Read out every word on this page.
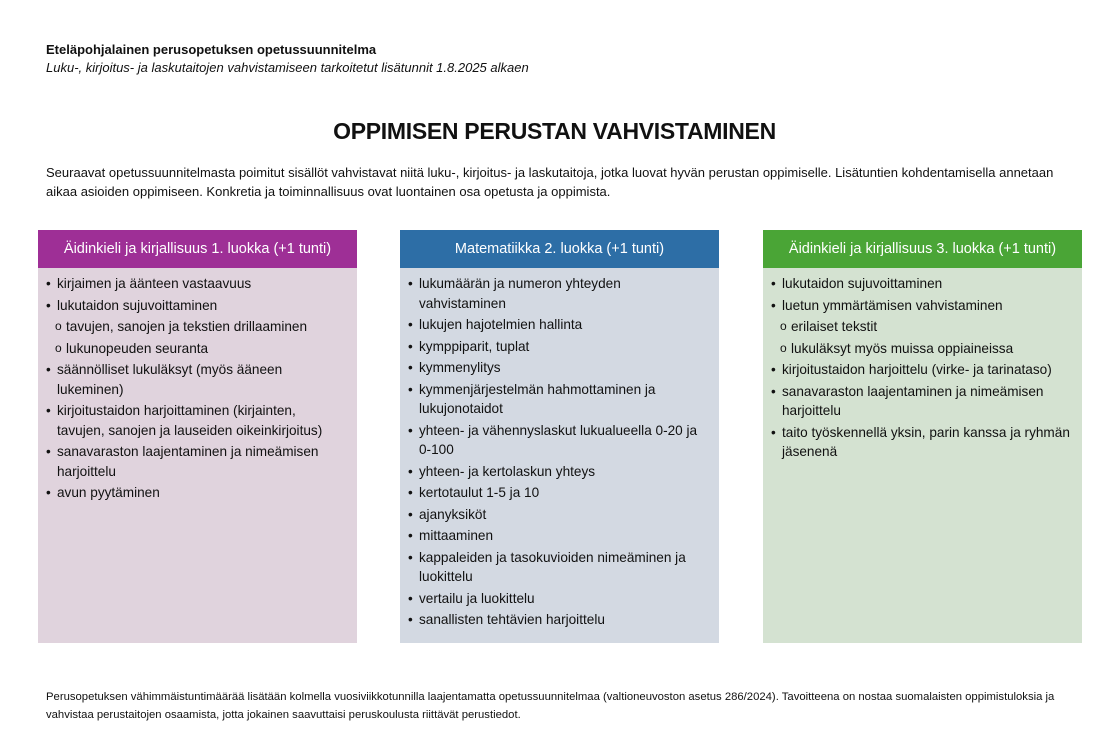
Eteläpohjalainen perusopetuksen opetussuunnitelma
Luku-, kirjoitus- ja laskutaitojen vahvistamiseen tarkoitetut lisätunnit 1.8.2025 alkaen
OPPIMISEN PERUSTAN VAHVISTAMINEN
Seuraavat opetussuunnitelmasta poimitut sisällöt vahvistavat niitä luku-, kirjoitus- ja laskutaitoja, jotka luovat hyvän perustan oppimiselle. Lisätuntien kohdentamisella annetaan aikaa asioiden oppimiseen. Konkretia ja toiminnallisuus ovat luontainen osa opetusta ja oppimista.
Äidinkieli ja kirjallisuus 1. luokka (+1 tunti)
• kirjaimen ja äänteen vastaavuus
• lukutaidon sujuvoittaminen
o tavujen, sanojen ja tekstien drillaaminen
o lukunopeuden seuranta
• säännölliset lukuläksyt (myös ääneen lukeminen)
• kirjoitustaidon harjoittaminen (kirjainten, tavujen, sanojen ja lauseiden oikeinkirjoitus)
• sanavaraston laajentaminen ja nimeämisen harjoittelu
• avun pyytäminen
Matematiikka 2. luokka (+1 tunti)
• lukumäärän ja numeron yhteyden vahvistaminen
• lukujen hajotelmien hallinta
• kymppiparit, tuplat
• kymmenylitys
• kymmenjärjestelmän hahmottaminen ja lukujonotaidot
• yhteen- ja vähennyslaskut lukualueella 0-20 ja 0-100
• yhteen- ja kertolaskun yhteys
• kertotaulut 1-5 ja 10
• ajanyksiköt
• mittaaminen
• kappaleiden ja tasokuvioiden nimeäminen ja luokittelu
• vertailu ja luokittelu
• sanallisten tehtävien harjoittelu
Äidinkieli ja kirjallisuus 3. luokka (+1 tunti)
• lukutaidon sujuvoittaminen
• luetun ymmärtämisen vahvistaminen
o erilaiset tekstit
o lukuläksyt myös muissa oppiaineissa
• kirjoitustaidon harjoittelu (virke- ja tarinataso)
• sanavaraston laajentaminen ja nimeämisen harjoittelu
• taito työskennellä yksin, parin kanssa ja ryhmän jäsenenä
Perusopetuksen vähimmäistuntimäärää lisätään kolmella vuosiviikkotunnilla laajentamatta opetussuunnitelmaa (valtioneuvoston asetus 286/2024). Tavoitteena on nostaa suomalaisten oppimistuloksia ja vahvistaa perustaitojen osaamista, jotta jokainen saavuttaisi peruskoulusta riittävät perustiedot.
